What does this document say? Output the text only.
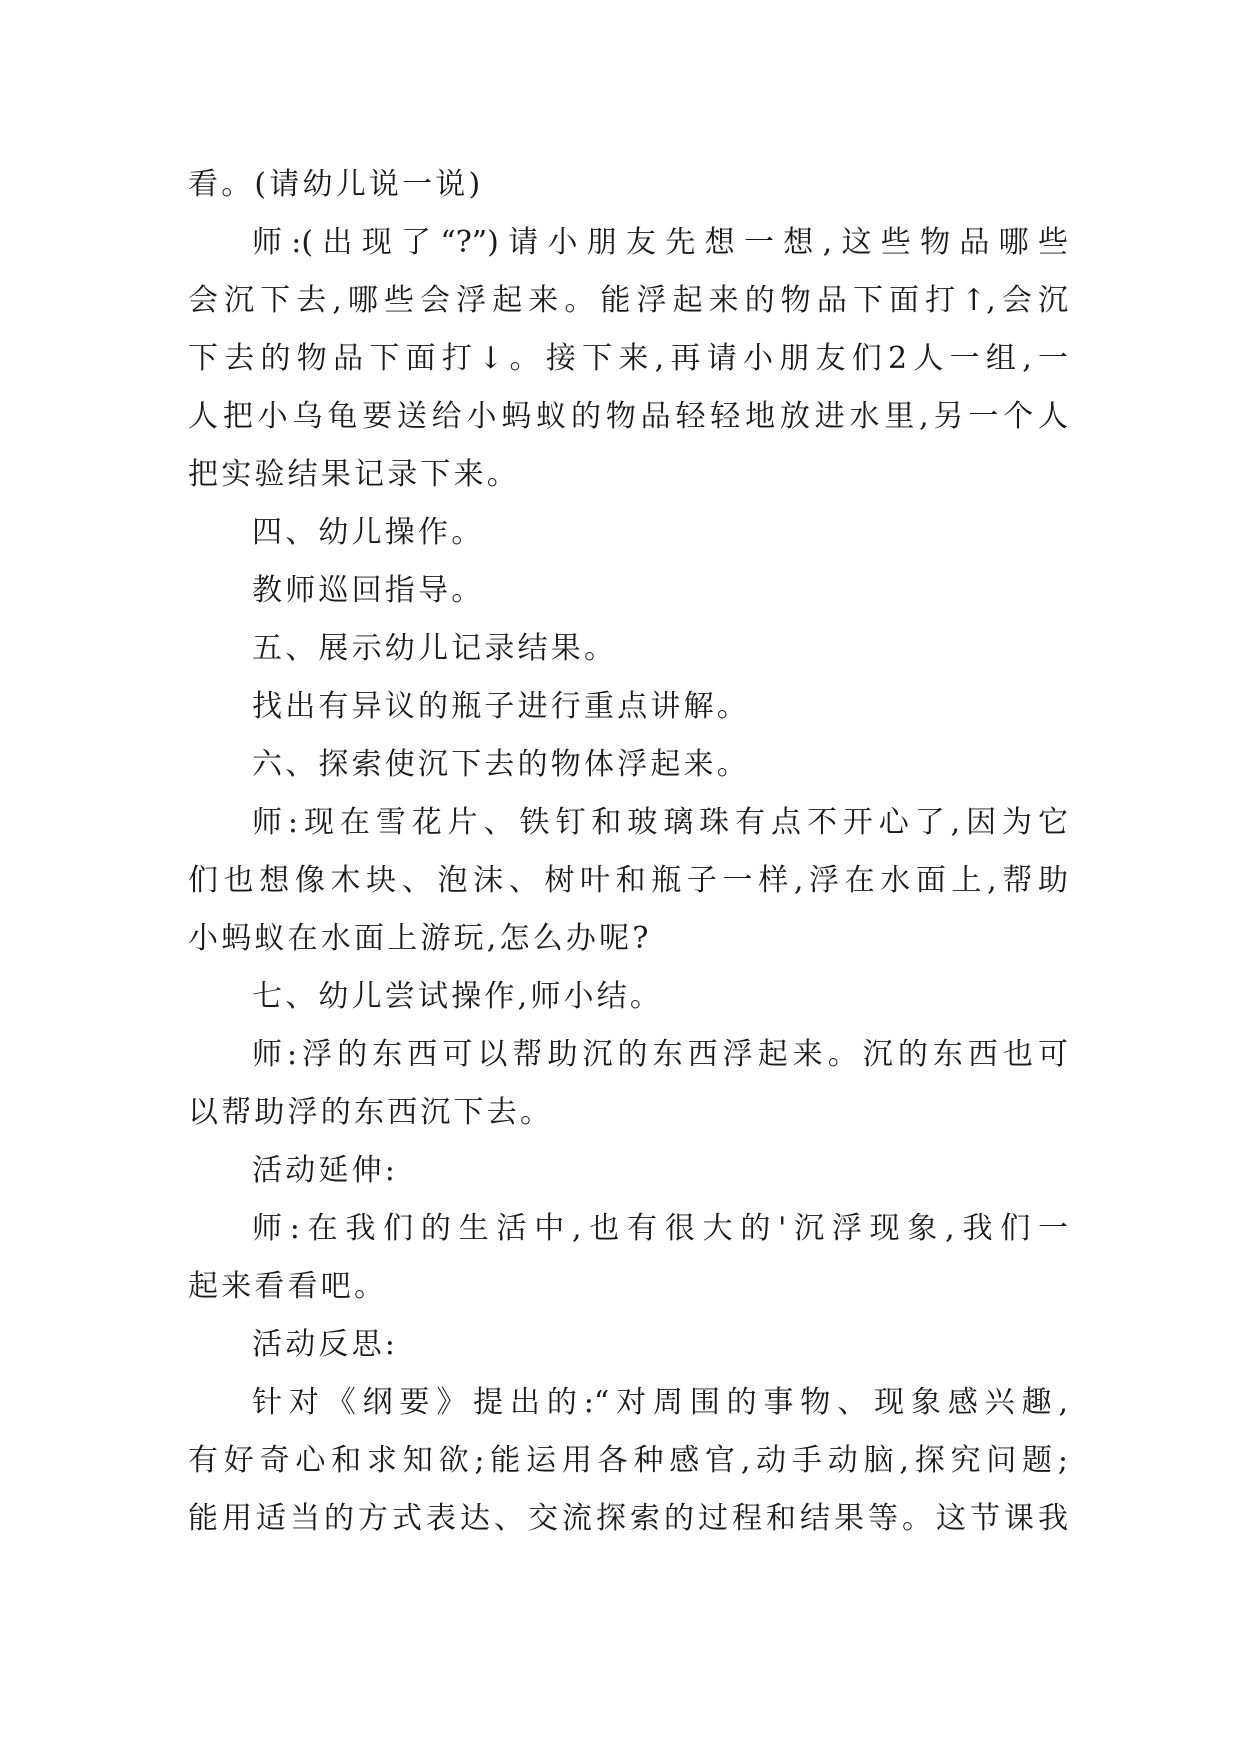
看。(请幼儿说一说)
师:(出现了“?”)请小朋友先想一想,这些物品哪些
会沉下去,哪些会浮起来。能浮起来的物品下面打↑,会沉
下去的物品下面打↓。接下来,再请小朋友们2人一组,一
人把小乌龟要送给小蚂蚁的物品轻轻地放进水里,另一个人
把实验结果记录下来。
四、幼儿操作。
教师巡回指导。
五、展示幼儿记录结果。
找出有异议的瓶子进行重点讲解。
六、探索使沉下去的物体浮起来。
师:现在雪花片、铁钉和玻璃珠有点不开心了,因为它
们也想像木块、泡沫、树叶和瓶子一样,浮在水面上,帮助
小蚂蚁在水面上游玩,怎么办呢?
七、幼儿尝试操作,师小结。
师:浮的东西可以帮助沉的东西浮起来。沉的东西也可
以帮助浮的东西沉下去。
活动延伸:
师:在我们的生活中,也有很大的'沉浮现象,我们一
起来看看吧。
活动反思:
针对《纲要》提出的:“对周围的事物、现象感兴趣,
有好奇心和求知欲;能运用各种感官,动手动脑,探究问题;
能用适当的方式表达、交流探索的过程和结果等。这节课我
